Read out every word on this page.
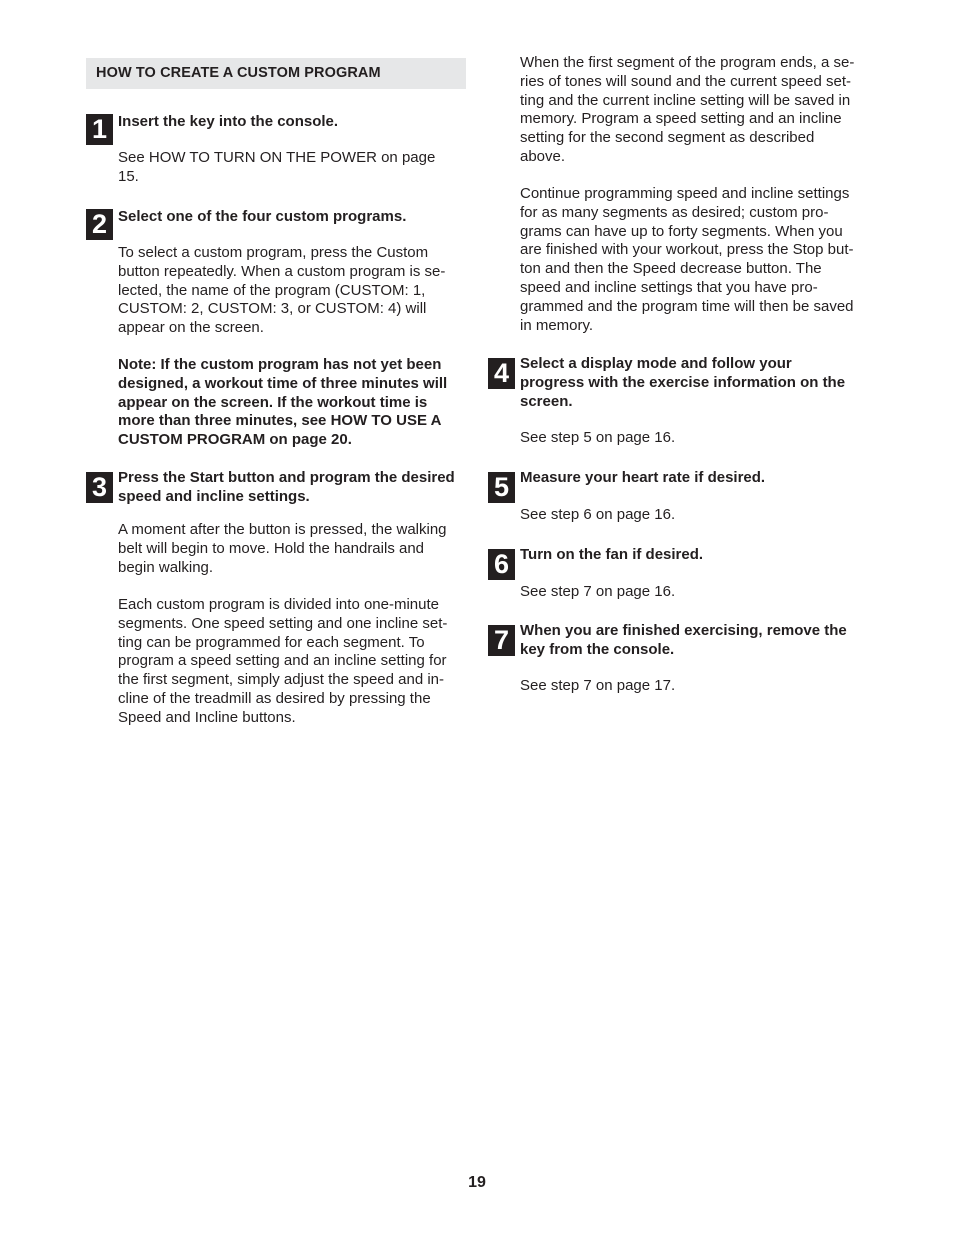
HOW TO CREATE A CUSTOM PROGRAM
1 Insert the key into the console.
See HOW TO TURN ON THE POWER on page
15.
2 Select one of the four custom programs.
To select a custom program, press the Custom
button repeatedly. When a custom program is se-
lected, the name of the program (CUSTOM: 1,
CUSTOM: 2, CUSTOM: 3, or CUSTOM: 4) will
appear on the screen.
Note: If the custom program has not yet been
designed, a workout time of three minutes will
appear on the screen. If the workout time is
more than three minutes, see HOW TO USE A
CUSTOM PROGRAM on page 20.
3 Press the Start button and program the desired
speed and incline settings.
A moment after the button is pressed, the walking
belt will begin to move. Hold the handrails and
begin walking.
Each custom program is divided into one-minute
segments. One speed setting and one incline set-
ting can be programmed for each segment. To
program a speed setting and an incline setting for
the first segment, simply adjust the speed and in-
cline of the treadmill as desired by pressing the
Speed and Incline buttons.
When the first segment of the program ends, a se-
ries of tones will sound and the current speed set-
ting and the current incline setting will be saved in
memory. Program a speed setting and an incline
setting for the second segment as described
above.
Continue programming speed and incline settings
for as many segments as desired; custom pro-
grams can have up to forty segments. When you
are finished with your workout, press the Stop but-
ton and then the Speed decrease button. The
speed and incline settings that you have pro-
grammed and the program time will then be saved
in memory.
4 Select a display mode and follow your
progress with the exercise information on the
screen.
See step 5 on page 16.
5 Measure your heart rate if desired.
See step 6 on page 16.
6 Turn on the fan if desired.
See step 7 on page 16.
7 When you are finished exercising, remove the
key from the console.
See step 7 on page 17.
19
